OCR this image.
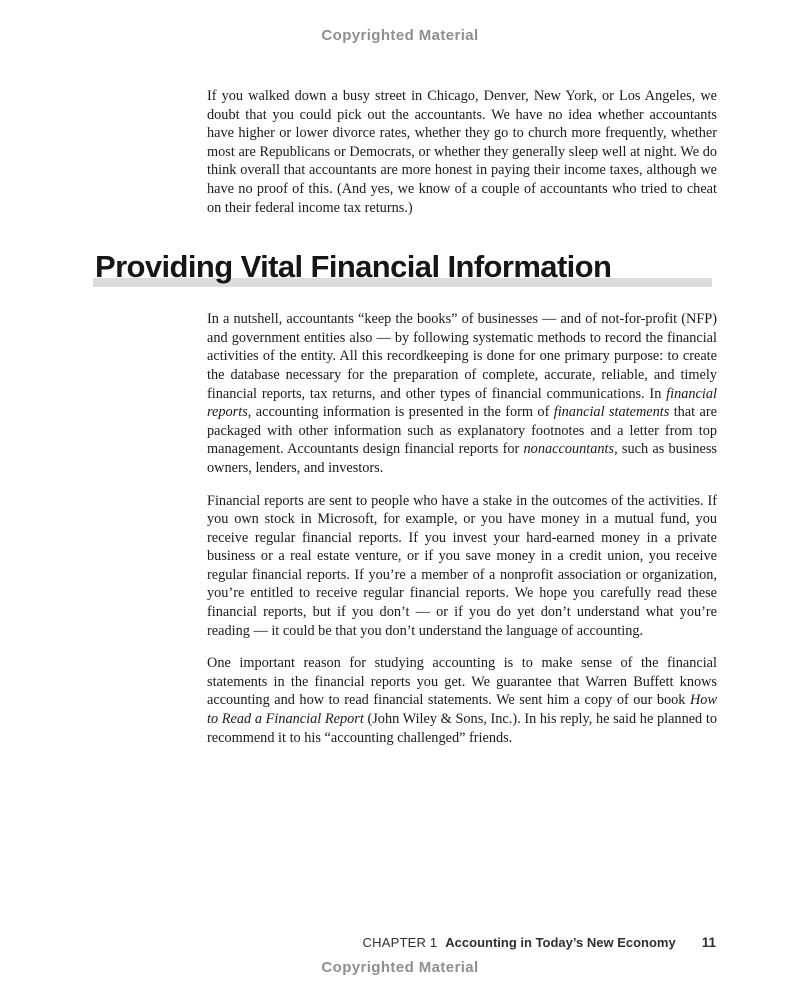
Copyrighted Material

If you walked down a busy street in Chicago, Denver, New York, or Los Angeles, we doubt that you could pick out the accountants. We have no idea whether accountants have higher or lower divorce rates, whether they go to church more frequently, whether most are Republicans or Democrats, or whether they generally sleep well at night. We do think overall that accountants are more honest in paying their income taxes, although we have no proof of this. (And yes, we know of a couple of accountants who tried to cheat on their federal income tax returns.)

Providing Vital Financial Information

In a nutshell, accountants “keep the books” of businesses — and of not-for-profit (NFP) and government entities also — by following systematic methods to record the financial activities of the entity. All this recordkeeping is done for one primary purpose: to create the database necessary for the preparation of complete, accurate, reliable, and timely financial reports, tax returns, and other types of financial communications. In financial reports, accounting information is presented in the form of financial statements that are packaged with other information such as explanatory footnotes and a letter from top management. Accountants design financial reports for nonaccountants, such as business owners, lenders, and investors.

Financial reports are sent to people who have a stake in the outcomes of the activities. If you own stock in Microsoft, for example, or you have money in a mutual fund, you receive regular financial reports. If you invest your hard-earned money in a private business or a real estate venture, or if you save money in a credit union, you receive regular financial reports. If you’re a member of a nonprofit association or organization, you’re entitled to receive regular financial reports. We hope you carefully read these financial reports, but if you don’t — or if you do yet don’t understand what you’re reading — it could be that you don’t understand the language of accounting.

One important reason for studying accounting is to make sense of the financial statements in the financial reports you get. We guarantee that Warren Buffett knows accounting and how to read financial statements. We sent him a copy of our book How to Read a Financial Report (John Wiley & Sons, Inc.). In his reply, he said he planned to recommend it to his “accounting challenged” friends.

CHAPTER 1 Accounting in Today’s New Economy 11
Copyrighted Material
